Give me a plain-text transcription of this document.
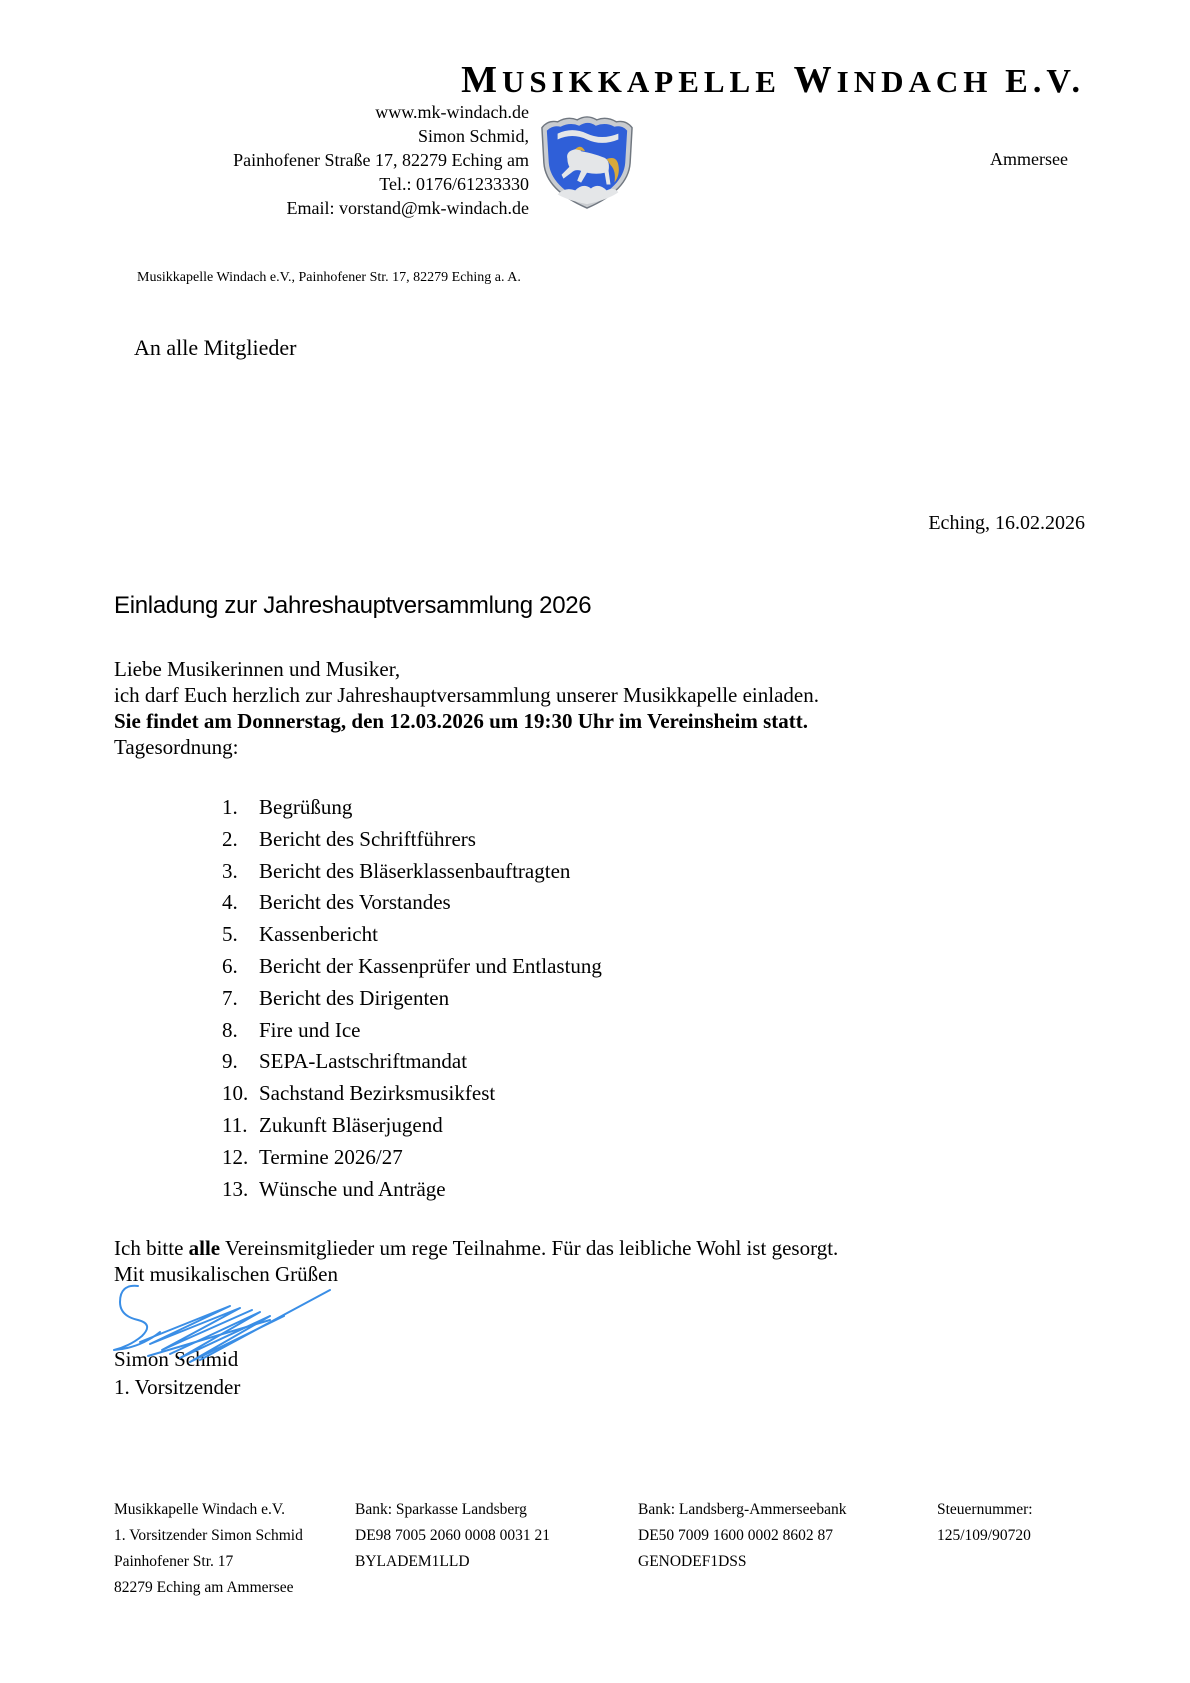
MUSIKKAPELLE WINDACH E.V.
www.mk-windach.de
Simon Schmid,
Painhofener Straße 17, 82279 Eching am
Tel.: 0176/61233330
Email: vorstand@mk-windach.de
Ammersee
Musikkapelle Windach e.V., Painhofener Str. 17, 82279 Eching a. A.
An alle Mitglieder
Eching, 16.02.2026
Einladung zur Jahreshauptversammlung 2026
Liebe Musikerinnen und Musiker,
ich darf Euch herzlich zur Jahreshauptversammlung unserer Musikkapelle einladen.
Sie findet am Donnerstag, den 12.03.2026 um 19:30 Uhr im Vereinsheim statt.
Tagesordnung:
1.	Begrüßung
2.	Bericht des Schriftführers
3.	Bericht des Bläserklassenbauftragten
4.	Bericht des Vorstandes
5.	Kassenbericht
6.	Bericht der Kassenprüfer und Entlastung
7.	Bericht des Dirigenten
8.	Fire und Ice
9.	SEPA-Lastschriftmandat
10. Sachstand Bezirksmusikfest
11. Zukunft Bläserjugend
12. Termine 2026/27
13. Wünsche und Anträge
Ich bitte alle Vereinsmitglieder um rege Teilnahme. Für das leibliche Wohl ist gesorgt.
Mit musikalischen Grüßen
Simon Schmid
1. Vorsitzender
Musikkapelle Windach e.V.
1. Vorsitzender Simon Schmid
Painhofener Str. 17
82279 Eching am Ammersee
Bank: Sparkasse Landsberg
DE98 7005 2060 0008 0031 21
BYLADEM1LLD
Bank: Landsberg-Ammerseebank
DE50 7009 1600 0002 8602 87
GENODEF1DSS
Steuernummer:
125/109/90720
